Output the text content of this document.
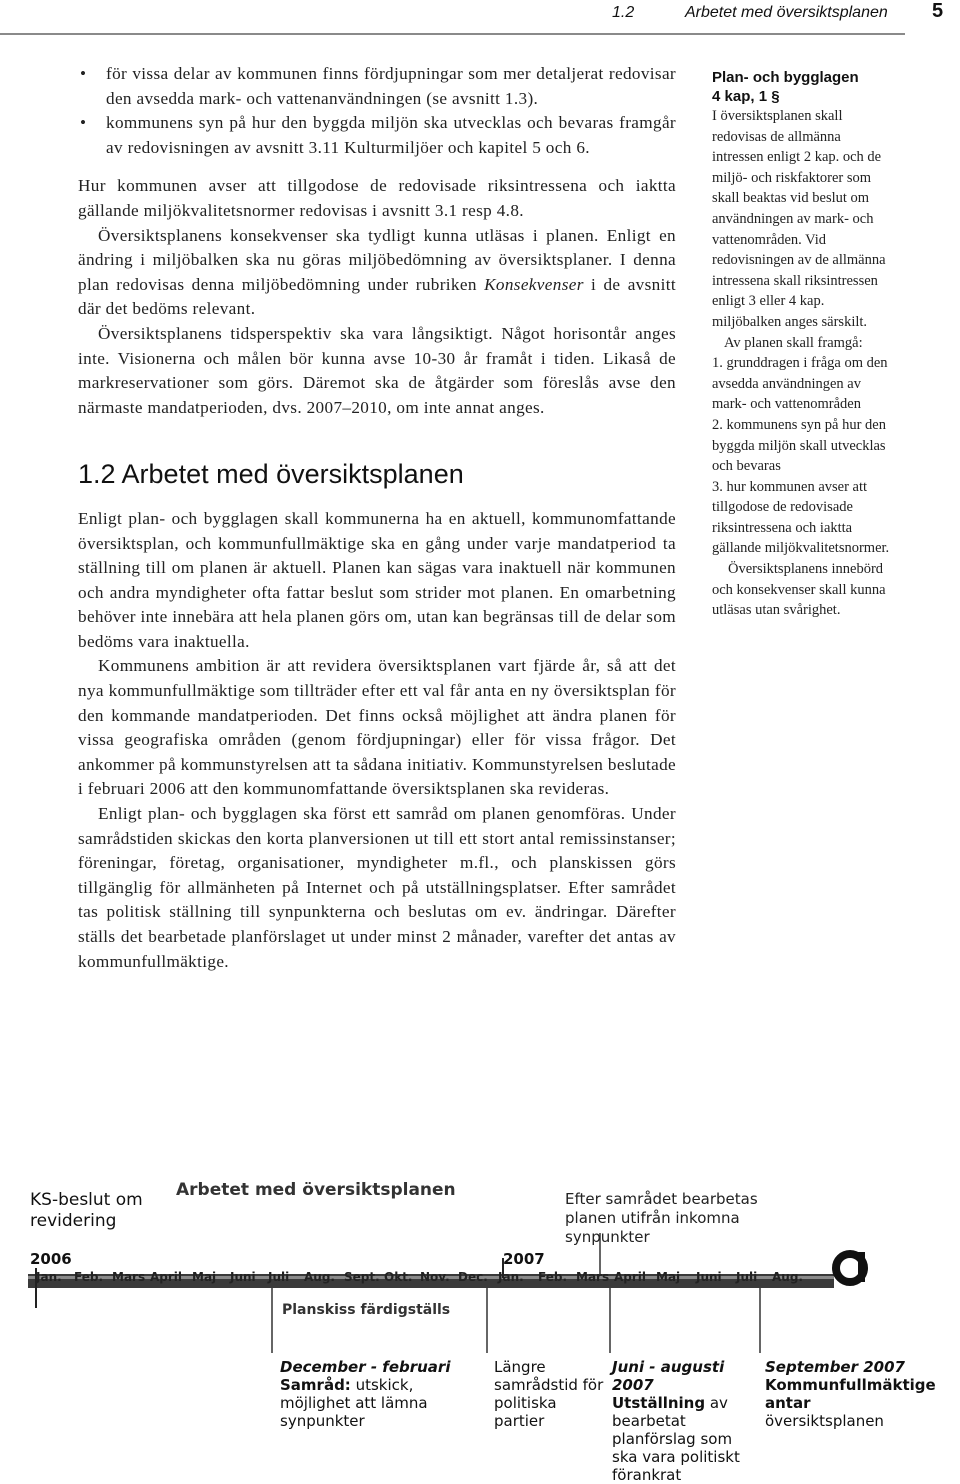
1.2	Arbetet med översiktsplanen 5

• för vissa delar av kommunen finns fördjupningar som mer detaljerat redovisar den avsedda mark- och vattenanvändningen (se avsnitt 1.3).

• kommunens syn på hur den byggda miljön ska utvecklas och bevaras framgår av redovisningen av avsnitt 3.11 Kulturmiljöer och kapitel 5 och 6.

Hur kommunen avser att tillgodose de redovisade riksintressena och iaktta gällande miljökvalitetsnormer redovisas i avsnitt 3.1 resp 4.8.

Översiktsplanens konsekvenser ska tydligt kunna utläsas i planen. Enligt en ändring i miljöbalken ska nu göras miljöbedömning av översiktsplaner. I denna plan redovisas denna miljöbedömning under rubriken Konsekvenser i de avsnitt där det bedöms relevant.

Översiktsplanens tidsperspektiv ska vara långsiktigt. Något horisontår anges inte. Visionerna och målen bör kunna avse 10-30 år framåt i tiden. Likaså de markreservationer som görs. Däremot ska de åtgärder som föreslås avse den närmaste mandatperioden, dvs. 2007–2010, om inte annat anges.

1.2 Arbetet med översiktsplanen

Enligt plan- och bygglagen skall kommunerna ha en aktuell, kommunomfattande översiktsplan, och kommunfullmäktige ska en gång under varje mandatperiod ta ställning till om planen är aktuell. Planen kan sägas vara inaktuell när kommunen och andra myndigheter ofta fattar beslut som strider mot planen. En omarbetning behöver inte innebära att hela planen görs om, utan kan begränsas till de delar som bedöms vara inaktuella.

Kommunens ambition är att revidera översiktsplanen vart fjärde år, så att det nya kommunfullmäktige som tillträder efter ett val får anta en ny översiktsplan för den kommande mandatperioden. Det finns också möjlighet att ändra planen för vissa geografiska områden (genom fördjupningar) eller för vissa frågor. Det ankommer på kommunstyrelsen att ta sådana initiativ. Kommunstyrelsen beslutade i februari 2006 att den kommunomfattande översiktsplanen ska revideras.

Enligt plan- och bygglagen ska först ett samråd om planen genomföras. Under samrådstiden skickas den korta planversionen ut till ett stort antal remissinstanser; föreningar, företag, organisationer, myndigheter m.fl., och planskissen görs tillgänglig för allmänheten på Internet och på utställningsplatser. Efter samrådet tas politisk ställning till synpunkterna och beslutas om ev. ändringar. Därefter ställs det bearbetade planförslaget ut under minst 2 månader, varefter det antas av kommunfullmäktige.

Plan- och bygglagen

4 kap, 1 §

I översiktsplanen skall redovisas de allmänna intressen enligt 2 kap. och de miljö- och riskfaktorer som skall beaktas vid beslut om användningen av mark- och vattenområden. Vid redovisningen av de allmänna intressena skall riksintressen enligt 3 eller 4 kap. miljöbalken anges särskilt.

Av planen skall framgå:

1. grunddragen i fråga om den avsedda användningen av mark- och vattenområden

2. kommunens syn på hur den byggda miljön skall utvecklas och bevaras

3. hur kommunen avser att tillgodose de redovisade riksintressena och iaktta gällande miljökvalitetsnormer.

Översiktsplanens innebörd och konsekvenser skall kunna utläsas utan svårighet.

Arbetet med översiktsplanen
KS-beslut om revidering
2006	2007
Efter samrådet bearbetas planen utifrån inkomna synpunkter
Jan. Feb. Mars April Maj Juni Juli Aug. Sept. Okt. Nov. Dec. Jan. Feb. Mars April Maj Juni Juli Aug.
Planskiss färdigställs
December - februari
Samråd: utskick, möjlighet att lämna synpunkter
Längre samrådstid för politiska partier
Juni - augusti 2007
Utställning av bearbetat planförslag som ska vara politiskt förankrat
September 2007
Kommunfullmäktige antar översiktsplanen
